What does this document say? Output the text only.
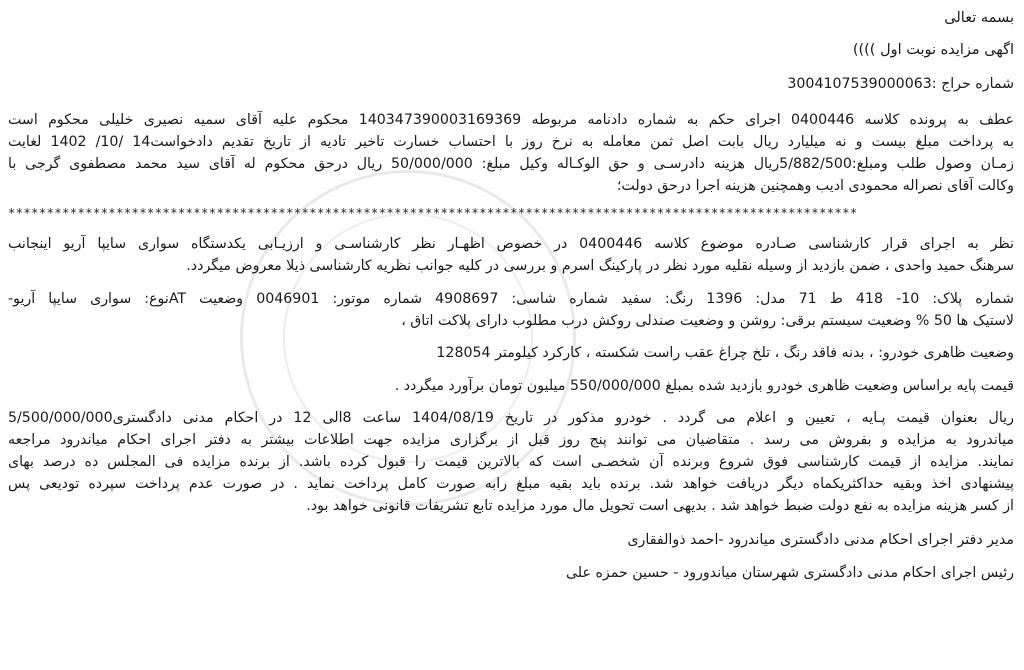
بسمه تعالی
اگهی مزایده نوبت اول ))))
شماره حراج :3004107539000063
عطف به پرونده کلاسه 0400446 اجرای حکم به شماره دادنامه مربوطه 140347390003169369 محکوم علیه آقای سمیه نصیری خلیلی محکوم است
به پرداخت مبلغ بیست و نه میلیارد ریال بابت اصل ثمن معامله به نرخ روز با احتساب خسارت تاخیر تادیه از تاریخ تقدیم دادخواست14 /10/ 1402 لغایت
زمـان وصول طلب ومبلغ:5/882/500ریال هزینه دادرسـی و حق الوکـاله وکیل مبلغ: 50/000/000 ریال درحق محکوم له آقای سید محمد مصطفوی گرجی با
وکالت آقای نصراله محمودی ادیب وهمچنین هزینه اجرا درحق دولت؛
**************************************************************************************************************
نظر به اجرای قرار کارشناسی صـادره موضوع کلاسه 0400446 در خصوص اظهـار نظر کارشناسـی و ارزیـابی یکدستگاه سواری سایپا آریو اینجانب
سرهنگ حمید واحدی ، ضمن بازدید از وسیله نقلیه مورد نظر در پارکینگ اسرم و بررسی در کلیه جوانب نظریه کارشناسی ذیلا معروض میگردد.
شماره پلاک: 10- 418 ط 71 مدل: 1396 رنگ: سفید شماره شاسی: 4908697 شماره موتور: 0046901 وضعیت ATنوع: سواری سایپا آریو-
لاستیک ها 50 % وضعیت سیستم برقی: روشن و وضعیت صندلی روکش درب مطلوب دارای پلاکت اتاق ،
وضعیت ظاهری خودرو: ، بدنه فاقد رنگ ، تلخ چراغ عقب راست شکسته ، کارکرد کیلومتر 128054
قیمت پایه براساس وضعیت ظاهری خودرو بازدید شده بمبلغ 550/000/000 میلیون تومان برآورد میگردد .
ریال بعنوان قیمت پـایه ، تعیین و اعلام می گردد . خودرو مذکور در تاریخ 1404/08/19 ساعت 8الی 12 در احکام مدنی دادگستری5/500/000/000
میاندرود به مزایده و بفروش می رسد . متقاضیان می توانند پنج روز قبل از برگزاری مزایده جهت اطلاعات بیشتر به دفتر اجرای احکام میاندرود مراجعه
نمایند. مزایده از قیمت کارشناسی فوق شروع وبرنده آن شخصـی است که بالاترین قیمت را قبول کرده باشد. از برنده مزایده فی المجلس ده درصد بهای
پیشنهادی اخذ وبقیه حداکثریکماه دیگر دریافت خواهد شد. برنده باید بقیه مبلغ رابه صورت کامل پرداخت نماید . در صورت عدم پرداخت سپرده تودیعی پس
از کسر هزینه مزایده به نفع دولت ضبط خواهد شد . بدیهی است تحویل مال مورد مزایده تابع تشریفات قانونی خواهد بود.
مدیر دفتر اجرای احکام مدنی دادگستری میاندرود -احمد ذوالفقاری
رئیس اجرای احکام مدنی دادگستری شهرستان میاندورود - حسین حمزه علی
